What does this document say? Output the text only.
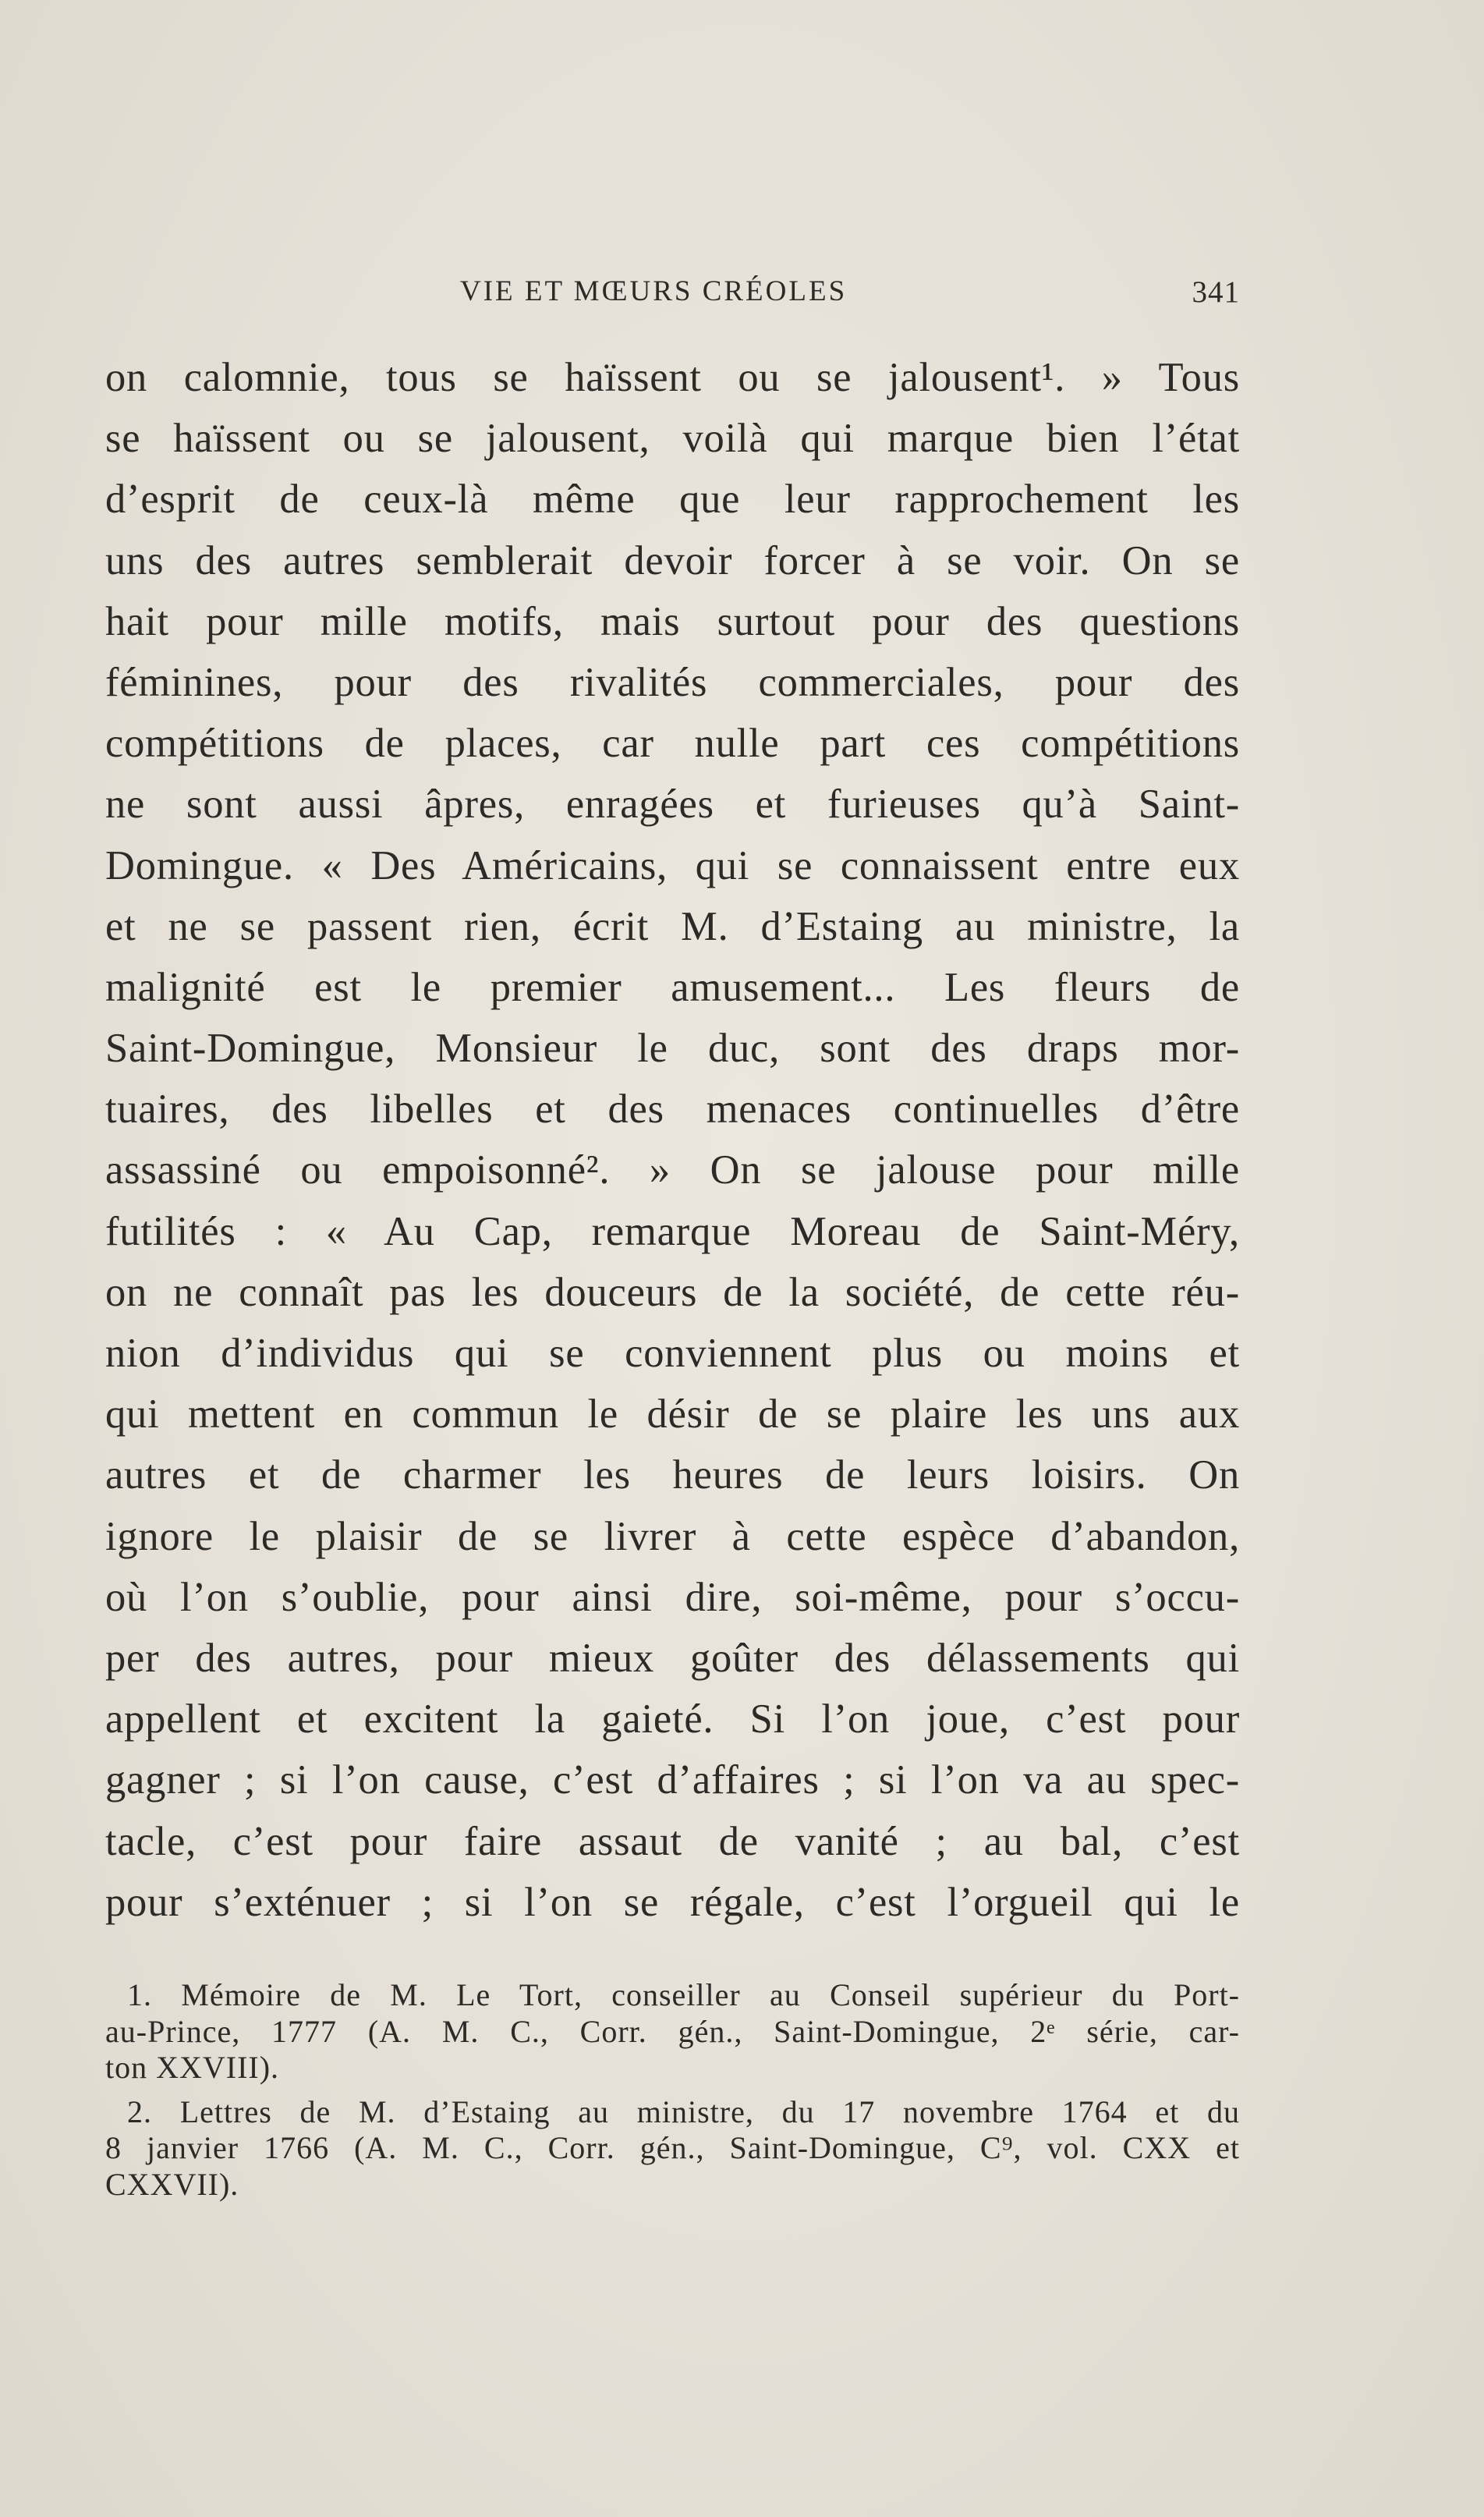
VIE ET MŒURS CRÉOLES	341
on calomnie, tous se haïssent ou se jalousent¹. » Tous
se haïssent ou se jalousent, voilà qui marque bien l’état
d’esprit de ceux-là même que leur rapprochement les
uns des autres semblerait devoir forcer à se voir. On se
hait pour mille motifs, mais surtout pour des questions
féminines, pour des rivalités commerciales, pour des
compétitions de places, car nulle part ces compétitions
ne sont aussi âpres, enragées et furieuses qu’à Saint-
Domingue. « Des Américains, qui se connaissent entre eux
et ne se passent rien, écrit M. d’Estaing au ministre, la
malignité est le premier amusement... Les fleurs de
Saint-Domingue, Monsieur le duc, sont des draps mor-
tuaires, des libelles et des menaces continuelles d’être
assassiné ou empoisonné². » On se jalouse pour mille
futilités : « Au Cap, remarque Moreau de Saint-Méry,
on ne connaît pas les douceurs de la société, de cette réu-
nion d’individus qui se conviennent plus ou moins et
qui mettent en commun le désir de se plaire les uns aux
autres et de charmer les heures de leurs loisirs. On
ignore le plaisir de se livrer à cette espèce d’abandon,
où l’on s’oublie, pour ainsi dire, soi-même, pour s’occu-
per des autres, pour mieux goûter des délassements qui
appellent et excitent la gaieté. Si l’on joue, c’est pour
gagner ; si l’on cause, c’est d’affaires ; si l’on va au spec-
tacle, c’est pour faire assaut de vanité ; au bal, c’est
pour s’exténuer ; si l’on se régale, c’est l’orgueil qui le
1. Mémoire de M. Le Tort, conseiller au Conseil supérieur du Port-
au-Prince, 1777 (A. M. C., Corr. gén., Saint-Domingue, 2ᵉ série, car-
ton XXVIII).
2. Lettres de M. d’Estaing au ministre, du 17 novembre 1764 et du
8 janvier 1766 (A. M. C., Corr. gén., Saint-Domingue, C⁹, vol. CXX et
CXXVII).
